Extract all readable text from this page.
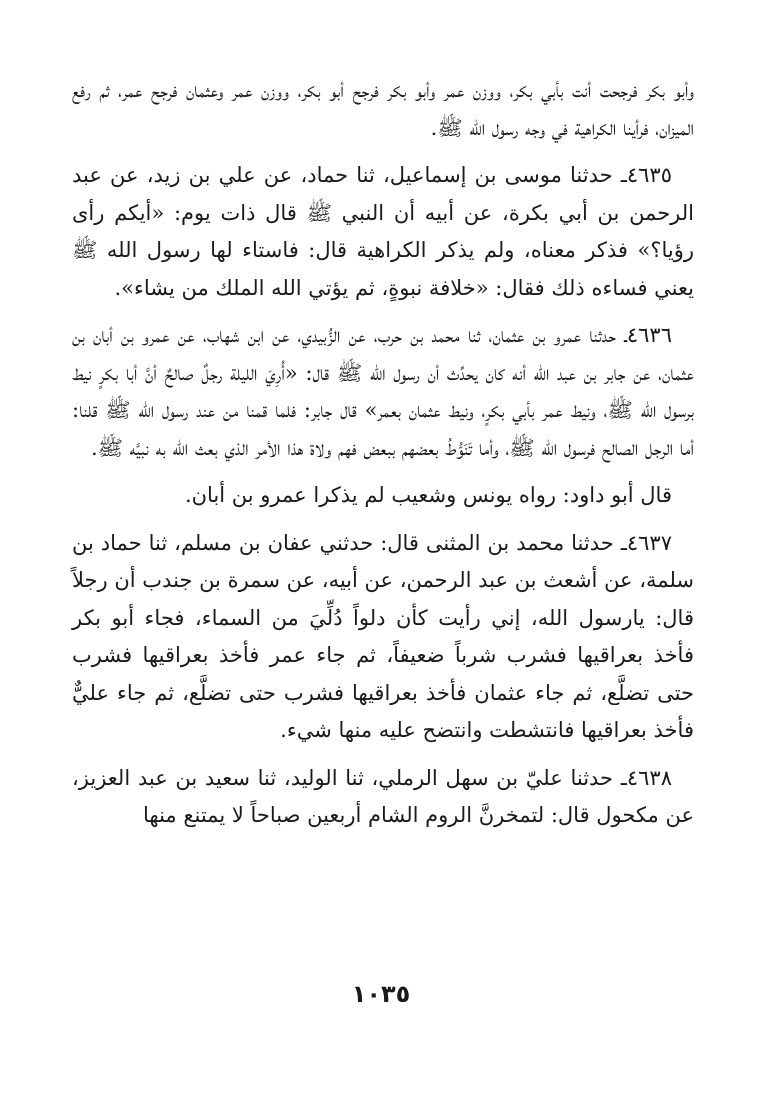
وأبو بكر فرجحت أنت بأبي بكر، ووزن عمر وأبو بكر فرجح أبو بكر، ووزن عمر وعثمان فرجح عمر، ثم رفع الميزان، فرأينا الكراهية في وجه رسول الله ﷺ.

٤٦٣٥ـ حدثنا موسى بن إسماعيل، ثنا حماد، عن علي بن زيد، عن عبد الرحمن بن أبي بكرة، عن أبيه أن النبي ﷺ قال ذات يوم: «أيكم رأى رؤيا؟» فذكر معناه، ولم يذكر الكراهية قال: فاستاء لها رسول الله ﷺ يعني فساءه ذلك فقال: «خلافة نبوةٍ، ثم يؤتي الله الملك من يشاء».

٤٦٣٦ـ حدثنا عمرو بن عثمان، ثنا محمد بن حرب، عن الزُّبيدي، عن ابن شهاب، عن عمرو بن أبان بن عثمان، عن جابر بن عبد الله أنه كان يحدِّث أن رسول الله ﷺ قال: «أُرِيَ الليلة رجلٌ صالحٌ أنَّ أبا بكرٍ نيط برسول الله ﷺ، ونيط عمر بأبي بكرٍ، ونيط عثمان بعمر» قال جابر: فلما قمنا من عند رسول الله ﷺ قلنا: أما الرجل الصالح فرسول الله ﷺ، وأما تَنَوُّطُ بعضهم ببعض فهم ولاة هذا الأمر الذي بعث الله به نبيَّه ﷺ.

قال أبو داود: رواه يونس وشعيب لم يذكرا عمرو بن أبان.

٤٦٣٧ـ حدثنا محمد بن المثنى قال: حدثني عفان بن مسلم، ثنا حماد بن سلمة، عن أشعث بن عبد الرحمن، عن أبيه، عن سمرة بن جندب أن رجلاً قال: يارسول الله، إني رأيت كأن دلواً دُلِّيَ من السماء، فجاء أبو بكر فأخذ بعراقيها فشرب شرباً ضعيفاً، ثم جاء عمر فأخذ بعراقيها فشرب حتى تضلَّع، ثم جاء عثمان فأخذ بعراقيها فشرب حتى تضلَّع، ثم جاء عليٌّ فأخذ بعراقيها فانتشطت وانتضح عليه منها شيء.

٤٦٣٨ـ حدثنا عليّ بن سهل الرملي، ثنا الوليد، ثنا سعيد بن عبد العزيز، عن مكحول قال: لتمخرنَّ الروم الشام أربعين صباحاً لا يمتنع منها

١٠٣٥
